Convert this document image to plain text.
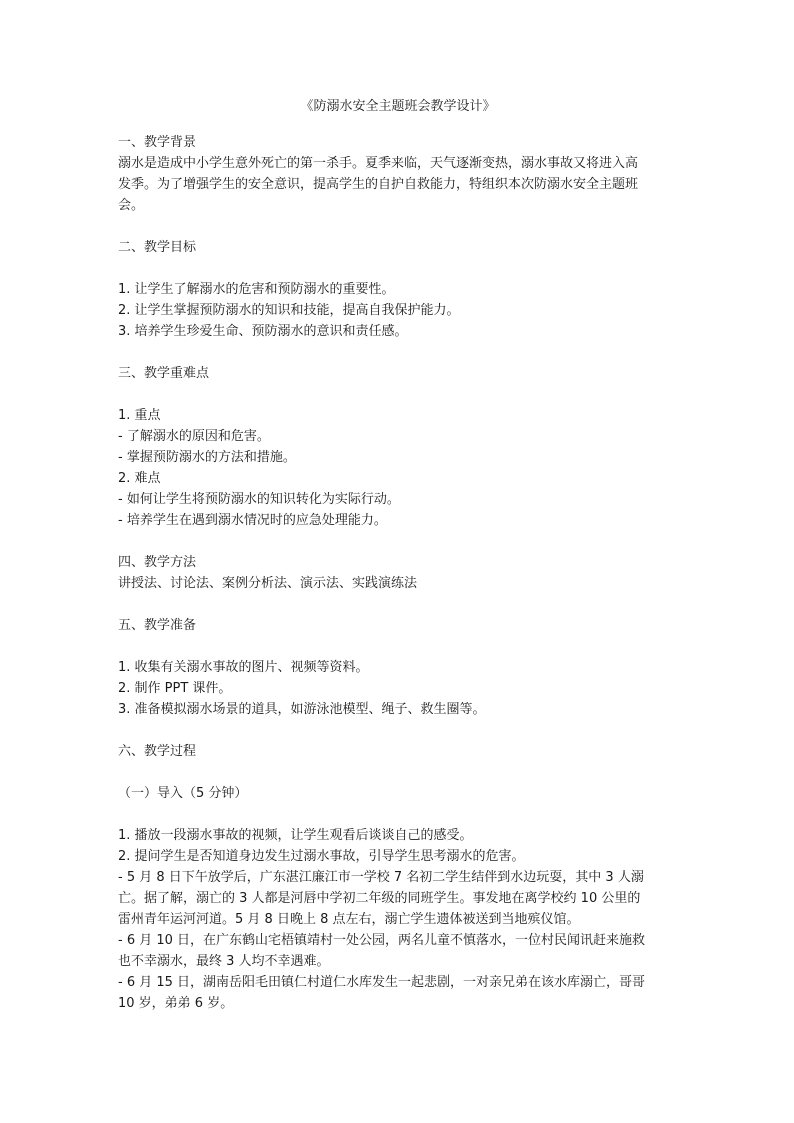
《防溺水安全主题班会教学设计》
一、教学背景
溺水是造成中小学生意外死亡的第一杀手。夏季来临，天气逐渐变热，溺水事故又将进入高
发季。为了增强学生的安全意识，提高学生的自护自救能力，特组织本次防溺水安全主题班
会。
二、教学目标
1. 让学生了解溺水的危害和预防溺水的重要性。
2. 让学生掌握预防溺水的知识和技能，提高自我保护能力。
3. 培养学生珍爱生命、预防溺水的意识和责任感。
三、教学重难点
1. 重点
- 了解溺水的原因和危害。
- 掌握预防溺水的方法和措施。
2. 难点
- 如何让学生将预防溺水的知识转化为实际行动。
- 培养学生在遇到溺水情况时的应急处理能力。
四、教学方法
讲授法、讨论法、案例分析法、演示法、实践演练法
五、教学准备
1. 收集有关溺水事故的图片、视频等资料。
2. 制作 PPT 课件。
3. 准备模拟溺水场景的道具，如游泳池模型、绳子、救生圈等。
六、教学过程
（一）导入（5 分钟）
1. 播放一段溺水事故的视频，让学生观看后谈谈自己的感受。
2. 提问学生是否知道身边发生过溺水事故，引导学生思考溺水的危害。
- 5 月 8 日下午放学后，广东湛江廉江市一学校 7 名初二学生结伴到水边玩耍，其中 3 人溺
亡。据了解，溺亡的 3 人都是河唇中学初二年级的同班学生。事发地在离学校约 10 公里的
雷州青年运河河道。5 月 8 日晚上 8 点左右，溺亡学生遗体被送到当地殡仪馆。
- 6 月 10 日，在广东鹤山宅梧镇靖村一处公园，两名儿童不慎落水，一位村民闻讯赶来施救
也不幸溺水，最终 3 人均不幸遇难。
- 6 月 15 日，湖南岳阳毛田镇仁村道仁水库发生一起悲剧，一对亲兄弟在该水库溺亡，哥哥
10 岁，弟弟 6 岁。
